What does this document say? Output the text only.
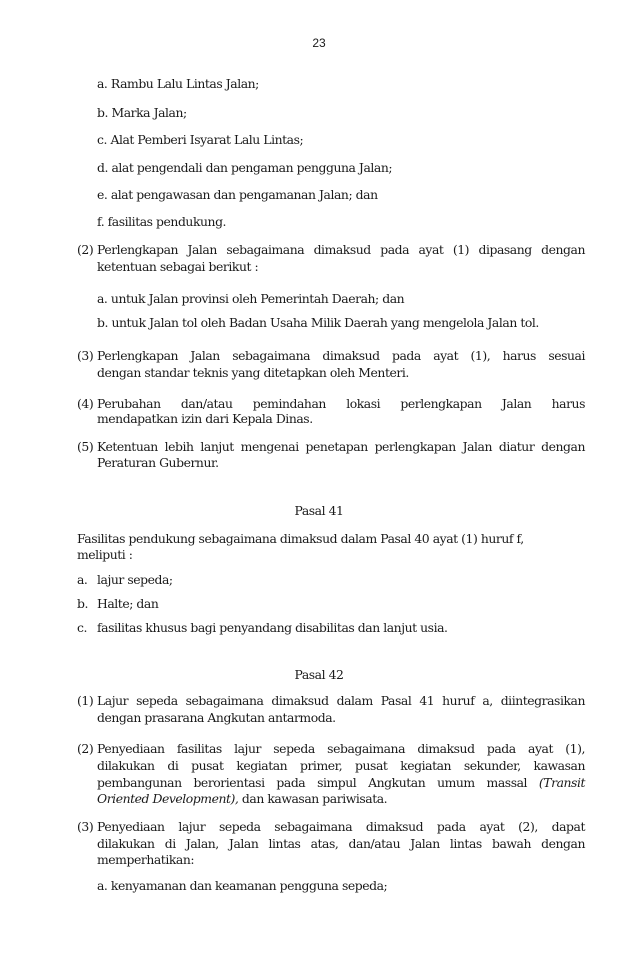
23
a. Rambu Lalu Lintas Jalan;
b. Marka Jalan;
c. Alat Pemberi Isyarat Lalu Lintas;
d. alat pengendali dan pengaman pengguna Jalan;
e. alat pengawasan dan pengamanan Jalan; dan
f. fasilitas pendukung.
(2) Perlengkapan Jalan sebagaimana dimaksud pada ayat (1) dipasang dengan
ketentuan sebagai berikut :
a. untuk Jalan provinsi oleh Pemerintah Daerah; dan
b. untuk Jalan tol oleh Badan Usaha Milik Daerah yang mengelola Jalan tol.
(3) Perlengkapan Jalan sebagaimana dimaksud pada ayat (1), harus sesuai
dengan standar teknis yang ditetapkan oleh Menteri.
(4) Perubahan dan/atau pemindahan lokasi perlengkapan Jalan harus
mendapatkan izin dari Kepala Dinas.
(5) Ketentuan lebih lanjut mengenai penetapan perlengkapan Jalan diatur dengan
Peraturan Gubernur.
Pasal 41
Fasilitas pendukung sebagaimana dimaksud dalam Pasal 40 ayat (1) huruf f,
meliputi :
a. lajur sepeda;
b. Halte; dan
c. fasilitas khusus bagi penyandang disabilitas dan lanjut usia.
Pasal 42
(1) Lajur sepeda sebagaimana dimaksud dalam Pasal 41 huruf a, diintegrasikan
dengan prasarana Angkutan antarmoda.
(2) Penyediaan fasilitas lajur sepeda sebagaimana dimaksud pada ayat (1),
dilakukan di pusat kegiatan primer, pusat kegiatan sekunder, kawasan
pembangunan berorientasi pada simpul Angkutan umum massal (Transit
Oriented Development), dan kawasan pariwisata.
(3) Penyediaan lajur sepeda sebagaimana dimaksud pada ayat (2), dapat
dilakukan di Jalan, Jalan lintas atas, dan/atau Jalan lintas bawah dengan
memperhatikan:
a. kenyamanan dan keamanan pengguna sepeda;
